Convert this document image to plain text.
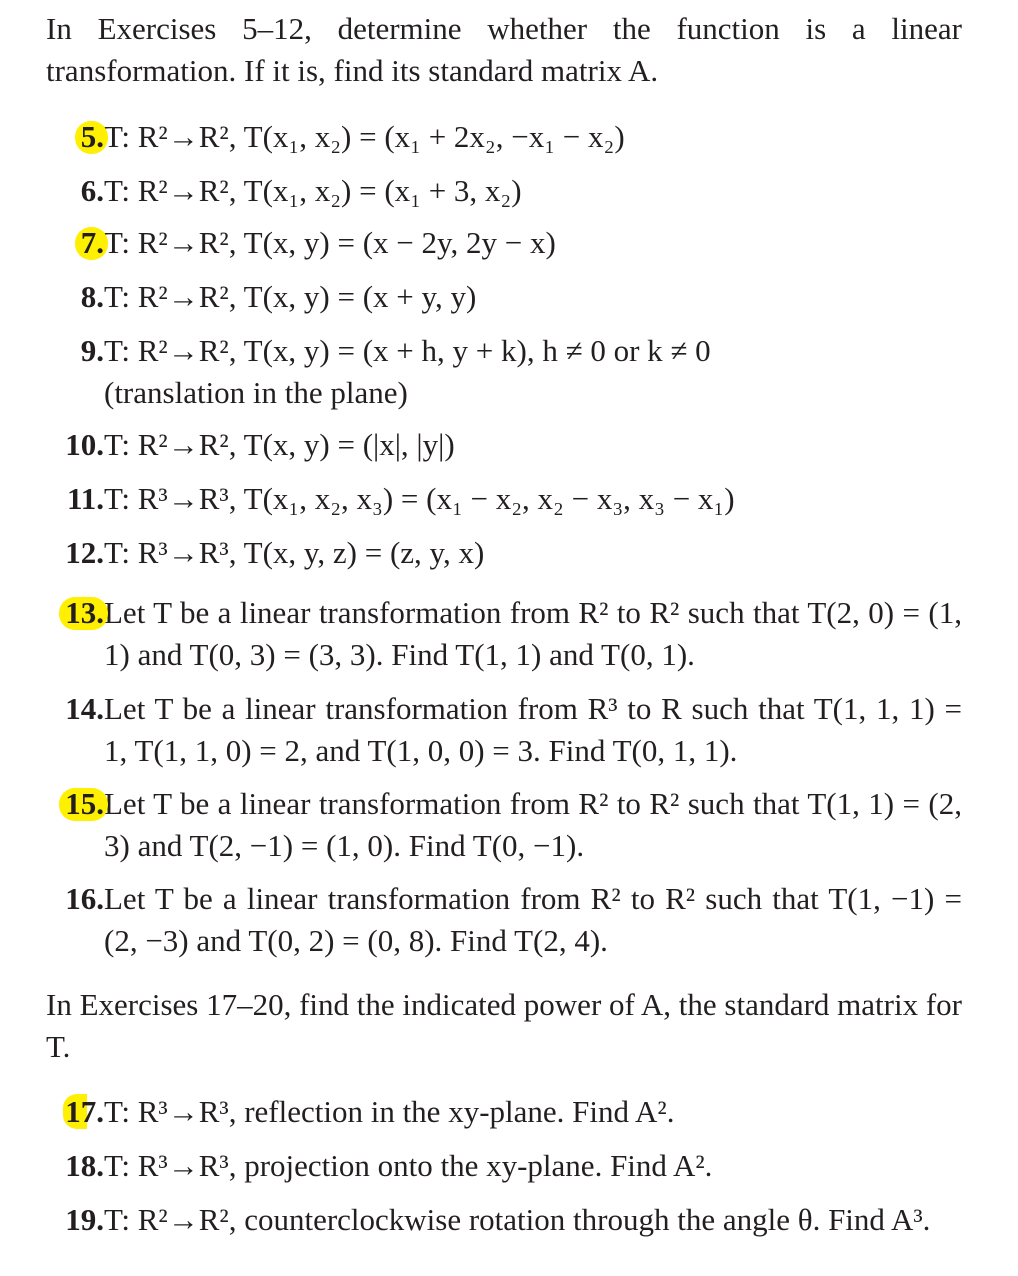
In Exercises 5–12, determine whether the function is a linear transformation. If it is, find its standard matrix A.

5. T: R²→R², T(x₁, x₂) = (x₁ + 2x₂, −x₁ − x₂)
6. T: R²→R², T(x₁, x₂) = (x₁ + 3, x₂)
7. T: R²→R², T(x, y) = (x − 2y, 2y − x)
8. T: R²→R², T(x, y) = (x + y, y)
9. T: R²→R², T(x, y) = (x + h, y + k), h ≠ 0 or k ≠ 0 (translation in the plane)
10. T: R²→R², T(x, y) = (|x|, |y|)
11. T: R³→R³, T(x₁, x₂, x₃) = (x₁ − x₂, x₂ − x₃, x₃ − x₁)
12. T: R³→R³, T(x, y, z) = (z, y, x)
13. Let T be a linear transformation from R² to R² such that T(2, 0) = (1, 1) and T(0, 3) = (3, 3). Find T(1, 1) and T(0, 1).
14. Let T be a linear transformation from R³ to R such that T(1, 1, 1) = 1, T(1, 1, 0) = 2, and T(1, 0, 0) = 3. Find T(0, 1, 1).
15. Let T be a linear transformation from R² to R² such that T(1, 1) = (2, 3) and T(2, −1) = (1, 0). Find T(0, −1).
16. Let T be a linear transformation from R² to R² such that T(1, −1) = (2, −3) and T(0, 2) = (0, 8). Find T(2, 4).

In Exercises 17–20, find the indicated power of A, the standard matrix for T.

17. T: R³→R³, reflection in the xy-plane. Find A².
18. T: R³→R³, projection onto the xy-plane. Find A².
19. T: R²→R², counterclockwise rotation through the angle θ. Find A³.
